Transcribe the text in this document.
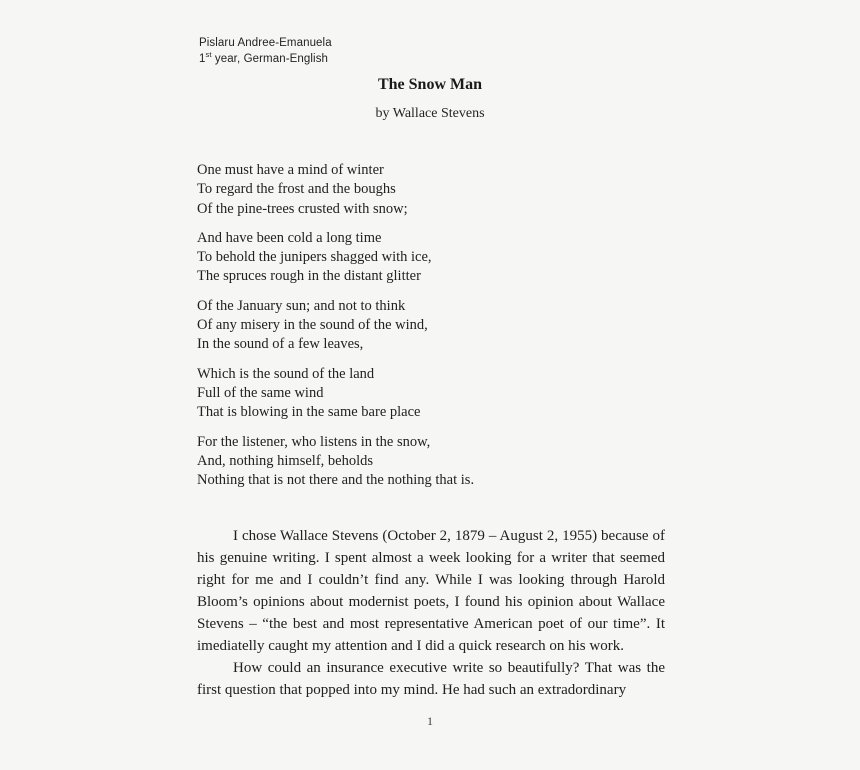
Pislaru Andree-Emanuela
1st year, German-English
The Snow Man
by Wallace Stevens
One must have a mind of winter
To regard the frost and the boughs
Of the pine-trees crusted with snow;
And have been cold a long time
To behold the junipers shagged with ice,
The spruces rough in the distant glitter
Of the January sun; and not to think
Of any misery in the sound of the wind,
In the sound of a few leaves,
Which is the sound of the land
Full of the same wind
That is blowing in the same bare place
For the listener, who listens in the snow,
And, nothing himself, beholds
Nothing that is not there and the nothing that is.

I chose Wallace Stevens (October 2, 1879 – August 2, 1955) because of his genuine writing. I spent almost a week looking for a writer that seemed right for me and I couldn’t find any. While I was looking through Harold Bloom’s opinions about modernist poets, I found his opinion about Wallace Stevens – “the best and most representative American poet of our time”. It imediatelly caught my attention and I did a quick research on his work.

How could an insurance executive write so beautifully? That was the first question that popped into my mind. He had such an extradordinary

1
